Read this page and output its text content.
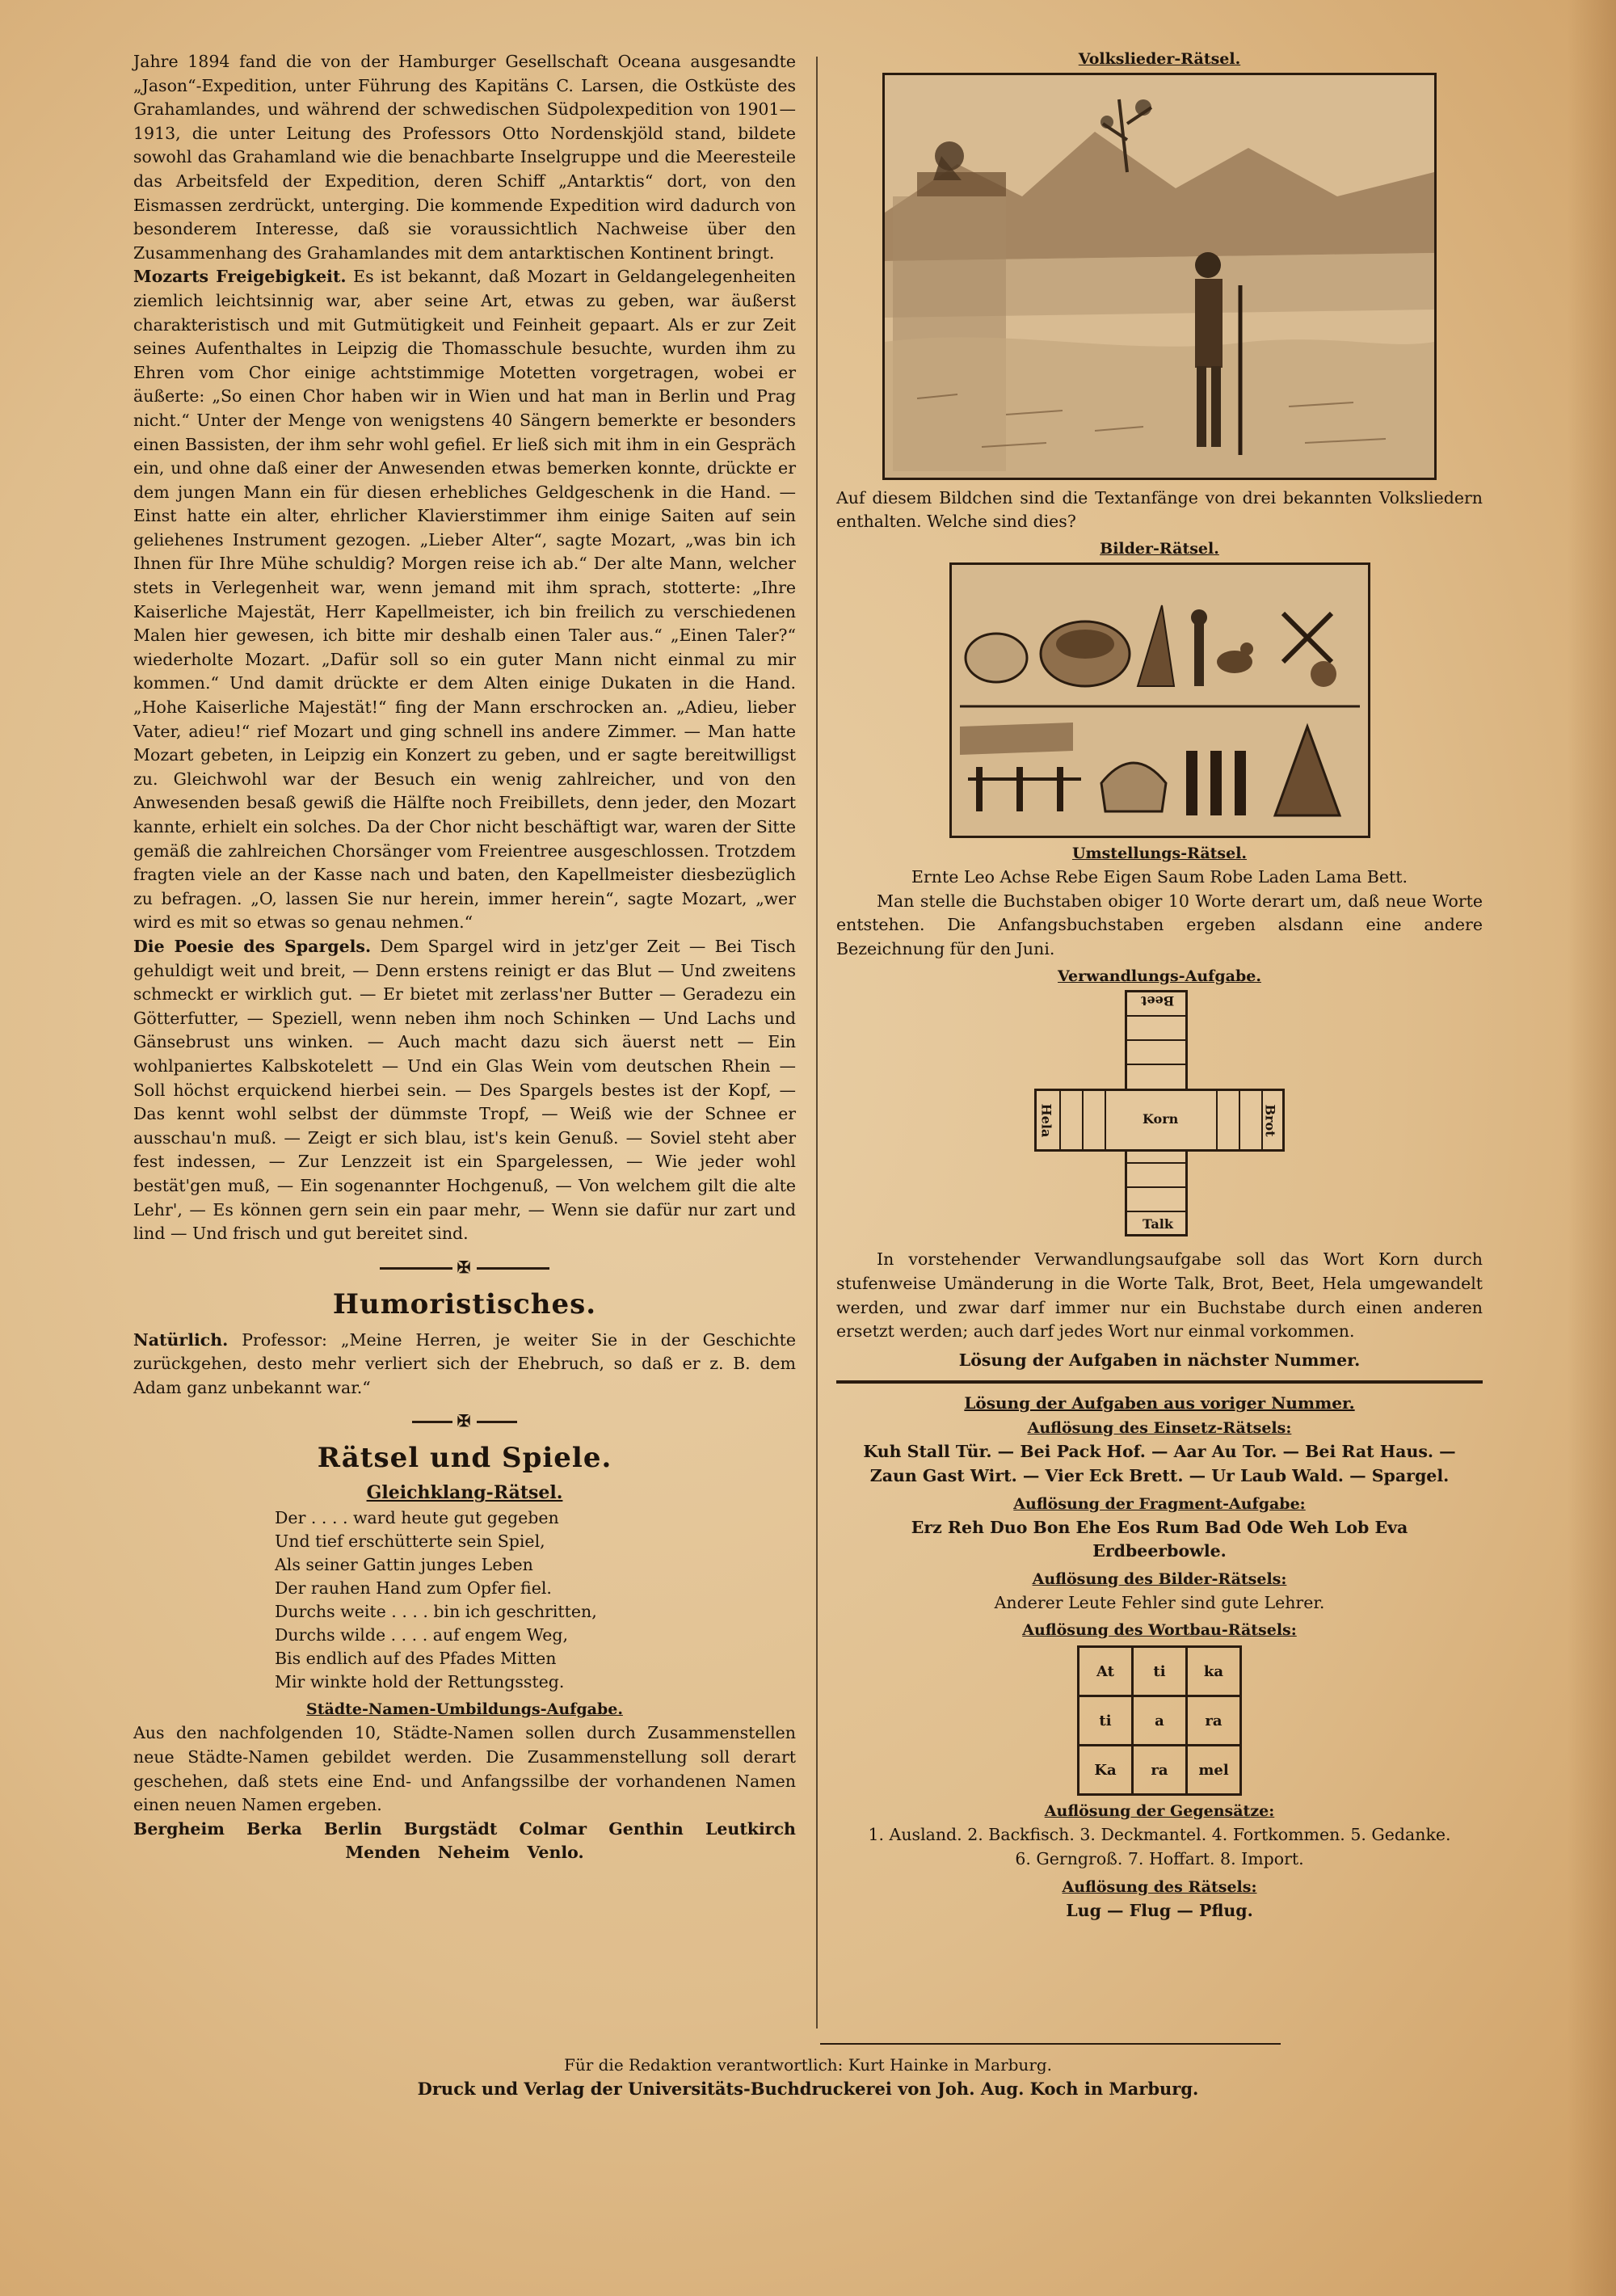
Jahre 1894 fand die von der Hamburger Gesellschaft Oceana ausgesandte „Jason“-Expedition, unter Führung des Kapitäns C. Larsen, die Ostküste des Grahamlandes, und während der schwedischen Südpolexpedition von 1901—1913, die unter Leitung des Professors Otto Nordenskjöld stand, bildete sowohl das Grahamland wie die benachbarte Inselgruppe und die Meeresteile das Arbeitsfeld der Expedition, deren Schiff „Antarktis“ dort, von den Eismassen zerdrückt, unterging. Die kommende Expedition wird dadurch von besonderem Interesse, daß sie voraussichtlich Nachweise über den Zusammenhang des Grahamlandes mit dem antarktischen Kontinent bringt.

Mozarts Freigebigkeit. Es ist bekannt, daß Mozart in Geldangelegenheiten ziemlich leichtsinnig war, aber seine Art, etwas zu geben, war äußerst charakteristisch und mit Gutmütigkeit und Feinheit gepaart. Als er zur Zeit seines Aufenthaltes in Leipzig die Thomasschule besuchte, wurden ihm zu Ehren vom Chor einige achtstimmige Motetten vorgetragen, wobei er äußerte: „So einen Chor haben wir in Wien und hat man in Berlin und Prag nicht.“ Unter der Menge von wenigstens 40 Sängern bemerkte er besonders einen Bassisten, der ihm sehr wohl gefiel. Er ließ sich mit ihm in ein Gespräch ein, und ohne daß einer der Anwesenden etwas bemerken konnte, drückte er dem jungen Mann ein für diesen erhebliches Geldgeschenk in die Hand. — Einst hatte ein alter, ehrlicher Klavierstimmer ihm einige Saiten auf sein geliehenes Instrument gezogen. „Lieber Alter“, sagte Mozart, „was bin ich Ihnen für Ihre Mühe schuldig? Morgen reise ich ab.“ Der alte Mann, welcher stets in Verlegenheit war, wenn jemand mit ihm sprach, stotterte: „Ihre Kaiserliche Majestät, Herr Kapellmeister, ich bin freilich zu verschiedenen Malen hier gewesen, ich bitte mir deshalb einen Taler aus.“ „Einen Taler?“ wiederholte Mozart. „Dafür soll so ein guter Mann nicht einmal zu mir kommen.“ Und damit drückte er dem Alten einige Dukaten in die Hand. „Hohe Kaiserliche Majestät!“ fing der Mann erschrocken an. „Adieu, lieber Vater, adieu!“ rief Mozart und ging schnell ins andere Zimmer. — Man hatte Mozart gebeten, in Leipzig ein Konzert zu geben, und er sagte bereitwilligst zu. Gleichwohl war der Besuch ein wenig zahlreicher, und von den Anwesenden besaß gewiß die Hälfte noch Freibillets, denn jeder, den Mozart kannte, erhielt ein solches. Da der Chor nicht beschäftigt war, waren der Sitte gemäß die zahlreichen Chorsänger vom Freientree ausgeschlossen. Trotzdem fragten viele an der Kasse nach und baten, den Kapellmeister diesbezüglich zu befragen. „O, lassen Sie nur herein, immer herein“, sagte Mozart, „wer wird es mit so etwas so genau nehmen.“

Die Poesie des Spargels. Dem Spargel wird in jetz'ger Zeit — Bei Tisch gehuldigt weit und breit, — Denn erstens reinigt er das Blut — Und zweitens schmeckt er wirklich gut. — Er bietet mit zerlass'ner Butter — Geradezu ein Götterfutter, — Speziell, wenn neben ihm noch Schinken — Und Lachs und Gänsebrust uns winken. — Auch macht dazu sich äuerst nett — Ein wohlpaniertes Kalbskotelett — Und ein Glas Wein vom deutschen Rhein — Soll höchst erquickend hierbei sein. — Des Spargels bestes ist der Kopf, — Das kennt wohl selbst der dümmste Tropf, — Weiß wie der Schnee er ausschau'n muß. — Zeigt er sich blau, ist's kein Genuß. — Soviel steht aber fest indessen, — Zur Lenzzeit ist ein Spargelessen, — Wie jeder wohl bestät'gen muß, — Ein sogenannter Hochgenuß, — Von welchem gilt die alte Lehr', — Es können gern sein ein paar mehr, — Wenn sie dafür nur zart und lind — Und frisch und gut bereitet sind.

✠
Humoristisches.

Natürlich. Professor: „Meine Herren, je weiter Sie in der Geschichte zurückgehen, desto mehr verliert sich der Ehebruch, so daß er z. B. dem Adam ganz unbekannt war.“

✠
Rätsel und Spiele.
Gleichklang-Rätsel.
Der . . . . ward heute gut gegeben
Und tief erschütterte sein Spiel,
Als seiner Gattin junges Leben
Der rauhen Hand zum Opfer fiel.
Durchs weite . . . . bin ich geschritten,
Durchs wilde . . . . auf engem Weg,
Bis endlich auf des Pfades Mitten
Mir winkte hold der Rettungssteg.
Städte-Namen-Umbildungs-Aufgabe.

Aus den nachfolgenden 10, Städte-Namen sollen durch Zusammenstellen neue Städte-Namen gebildet werden. Die Zusammenstellung soll derart geschehen, daß stets eine End- und Anfangssilbe der vorhandenen Namen einen neuen Namen ergeben.

Bergheim Berka Berlin Burgstädt Colmar Genthin Leutkirch
Menden Neheim Venlo.
Volkslieder-Rätsel.

Auf diesem Bildchen sind die Textanfänge von drei bekannten Volksliedern enthalten. Welche sind dies?

Bilder-Rätsel.
Umstellungs-Rätsel.

Ernte Leo Achse Rebe Eigen Saum Robe Laden Lama Bett.

Man stelle die Buchstaben obiger 10 Worte derart um, daß neue Worte entstehen. Die Anfangsbuchstaben ergeben alsdann eine andere Bezeichnung für den Juni.

Verwandlungs-Aufgabe.
Beet
Hela	Korn	Brot
Talk

In vorstehender Verwandlungsaufgabe soll das Wort Korn durch stufenweise Umänderung in die Worte Talk, Brot, Beet, Hela umgewandelt werden, und zwar darf immer nur ein Buchstabe durch einen anderen ersetzt werden; auch darf jedes Wort nur einmal vorkommen.

Lösung der Aufgaben in nächster Nummer.

Lösung der Aufgaben aus voriger Nummer.
Auflösung des Einsetz-Rätsels:

Kuh Stall Tür. — Bei Pack Hof. — Aar Au Tor. — Bei Rat Haus. —

Zaun Gast Wirt. — Vier Eck Brett. — Ur Laub Wald. — Spargel.

Auflösung der Fragment-Aufgabe:

Erz Reh Duo Bon Ehe Eos Rum Bad Ode Weh Lob Eva

Erdbeerbowle.

Auflösung des Bilder-Rätsels:

Anderer Leute Fehler sind gute Lehrer.

Auflösung des Wortbau-Rätsels:
At	ti	ka
ti	a	ra
Ka	ra	mel
Auflösung der Gegensätze:

1. Ausland. 2. Backfisch. 3. Deckmantel. 4. Fortkommen. 5. Gedanke.

6. Gerngroß. 7. Hoffart. 8. Import.

Auflösung des Rätsels:

Lug — Flug — Pflug.

Für die Redaktion verantwortlich: Kurt Hainke in Marburg.
Druck und Verlag der Universitäts-Buchdruckerei von Joh. Aug. Koch in Marburg.
